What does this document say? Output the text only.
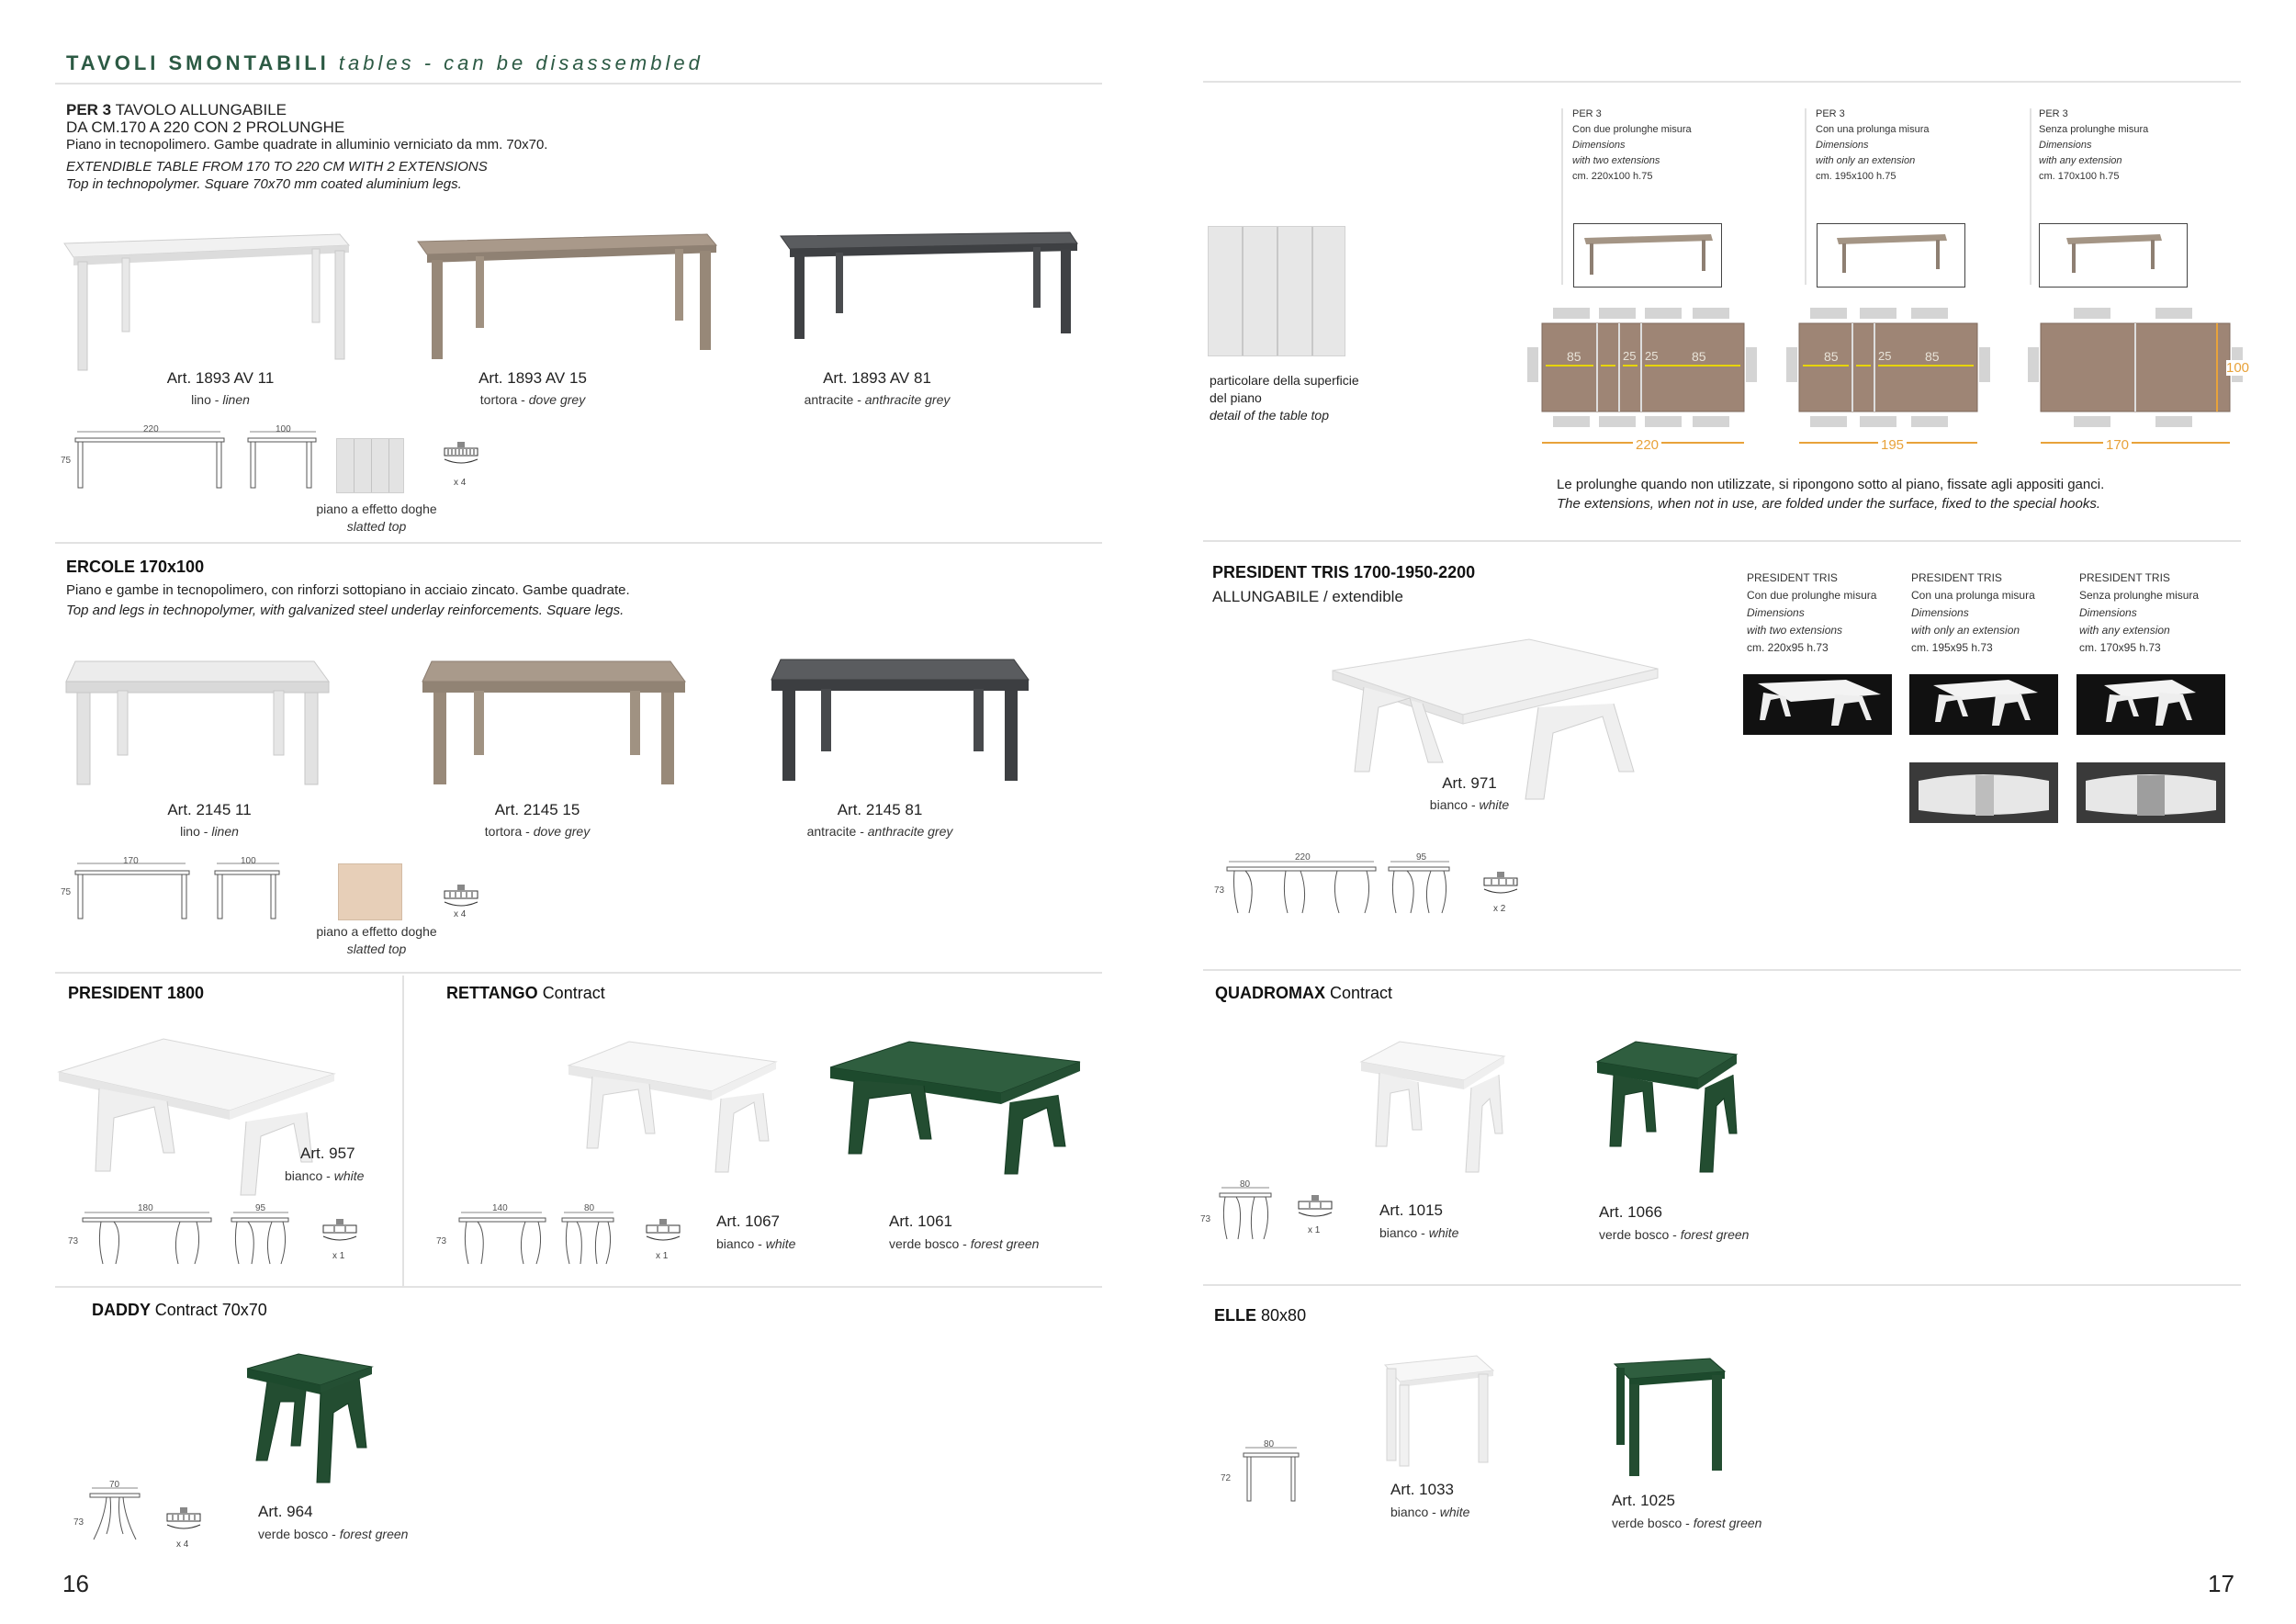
TAVOLI SMONTABILI tables - can be disassembled
PER 3 TAVOLO ALLUNGABILE
DA CM.170 A 220 CON 2 PROLUNGHE
Piano in tecnopolimero. Gambe quadrate in alluminio verniciato da mm. 70x70.
EXTENDIBLE TABLE FROM 170 TO 220 CM WITH 2 EXTENSIONS
Top in technopolymer. Square 70x70 mm coated aluminium legs.
Art. 1893 AV 11
lino - linen
Art. 1893 AV 15
tortora - dove grey
Art. 1893 AV 81
antracite - anthracite grey
220
75
100
x 4
piano a effetto doghe
slatted top
particolare della superficie
del piano
detail of the table top
PER 3
Con due prolunghe misura
Dimensions
with two extensions
cm. 220x100 h.75
PER 3
Con una prolunga misura
Dimensions
with only an extension
cm. 195x100 h.75
PER 3
Senza prolunghe misura
Dimensions
with any extension
cm. 170x100 h.75
85	25 25	85	85	25	85
220	195	170
100
Le prolunghe quando non utilizzate, si ripongono sotto al piano, fissate agli appositi ganci.
The extensions, when not in use, are folded under the surface, fixed to the special hooks.
ERCOLE 170x100
Piano e gambe in tecnopolimero, con rinforzi sottopiano in acciaio zincato. Gambe quadrate.
Top and legs in technopolymer, with galvanized steel underlay reinforcements. Square legs.
Art. 2145 11
lino - linen
Art. 2145 15
tortora - dove grey
Art. 2145 81
antracite - anthracite grey
170
75
100
x 4
piano a effetto doghe
slatted top
PRESIDENT TRIS 1700-1950-2200
ALLUNGABILE / extendible
Art. 971
bianco - white
PRESIDENT TRIS
Con due prolunghe misura
Dimensions
with two extensions
cm. 220x95 h.73
PRESIDENT TRIS
Con una prolunga misura
Dimensions
with only an extension
cm. 195x95 h.73
PRESIDENT TRIS
Senza prolunghe misura
Dimensions
with any extension
cm. 170x95 h.73
220
73
95
x 2
PRESIDENT 1800
Art. 957
bianco - white
180
73
95
x 1
RETTANGO Contract
140
73
80
x 1
Art. 1067
bianco - white
Art. 1061
verde bosco - forest green
QUADROMAX Contract
80
73
x 1
Art. 1015
bianco - white
Art. 1066
verde bosco - forest green
DADDY Contract 70x70
70
73
x 4
Art. 964
verde bosco - forest green
ELLE 80x80
80
72
Art. 1033
bianco - white
Art. 1025
verde bosco - forest green
16	17
